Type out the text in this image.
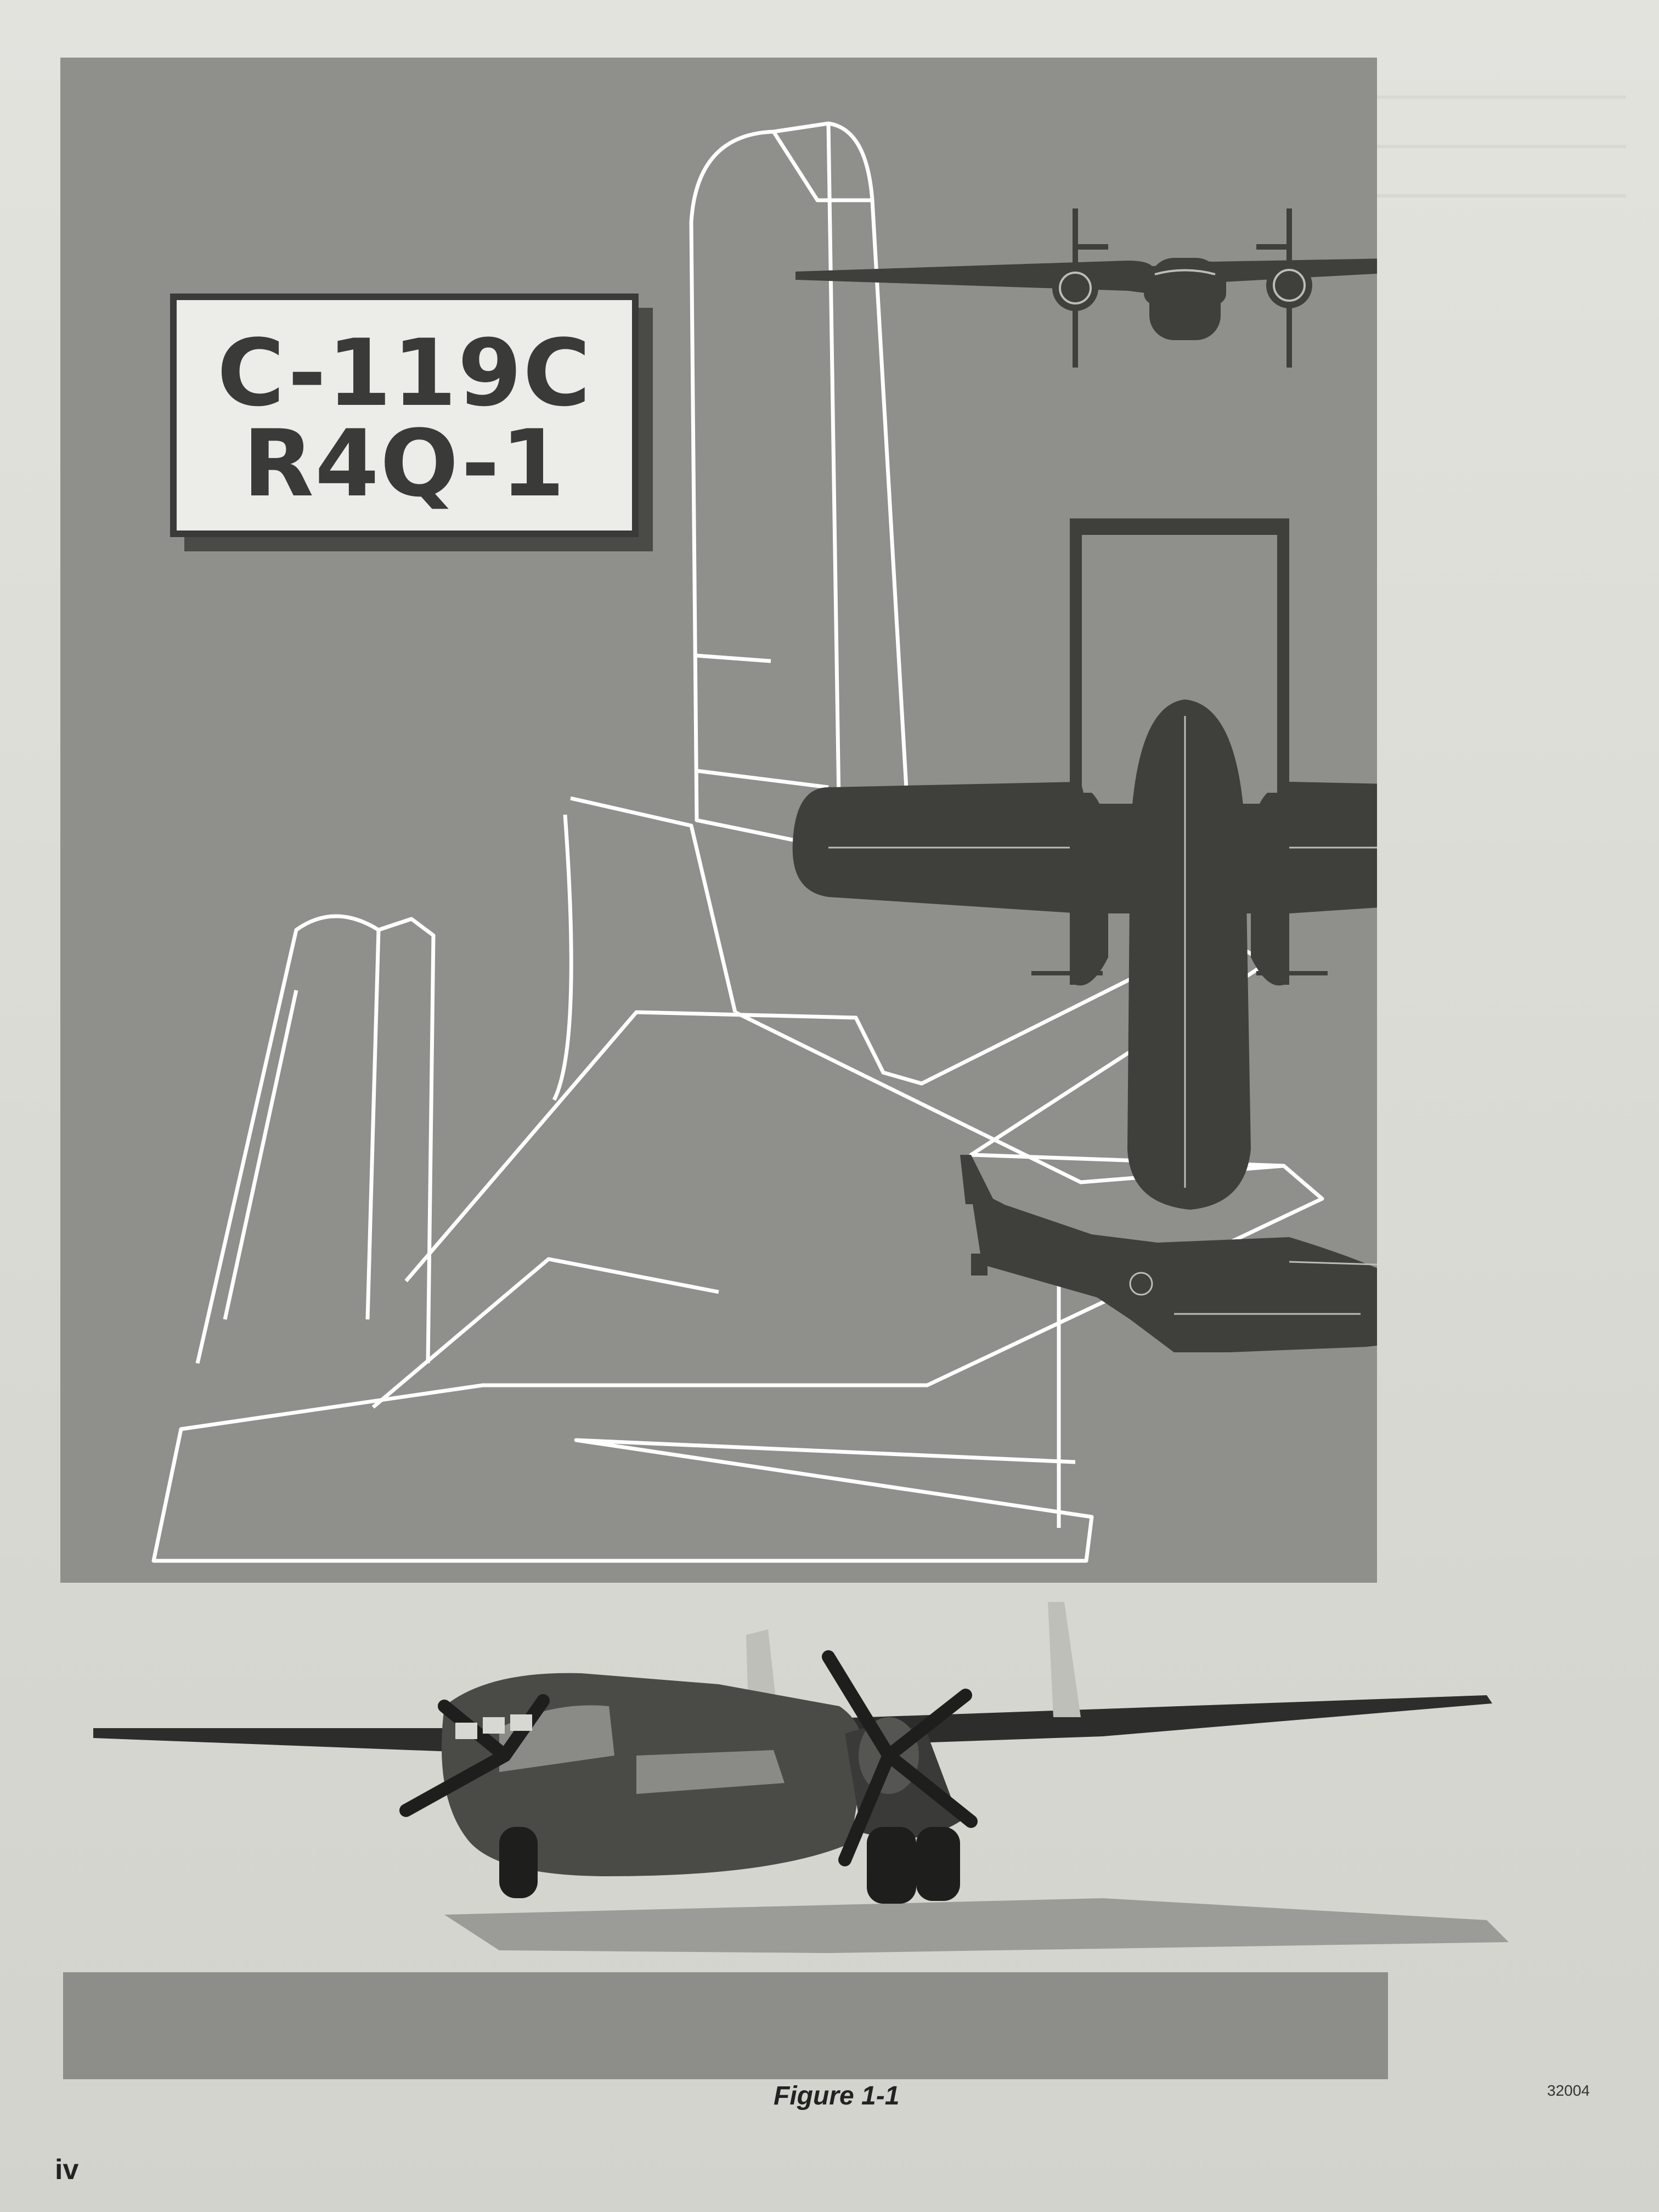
C-119C
R4Q-1
Figure 1-1	32004
iv
